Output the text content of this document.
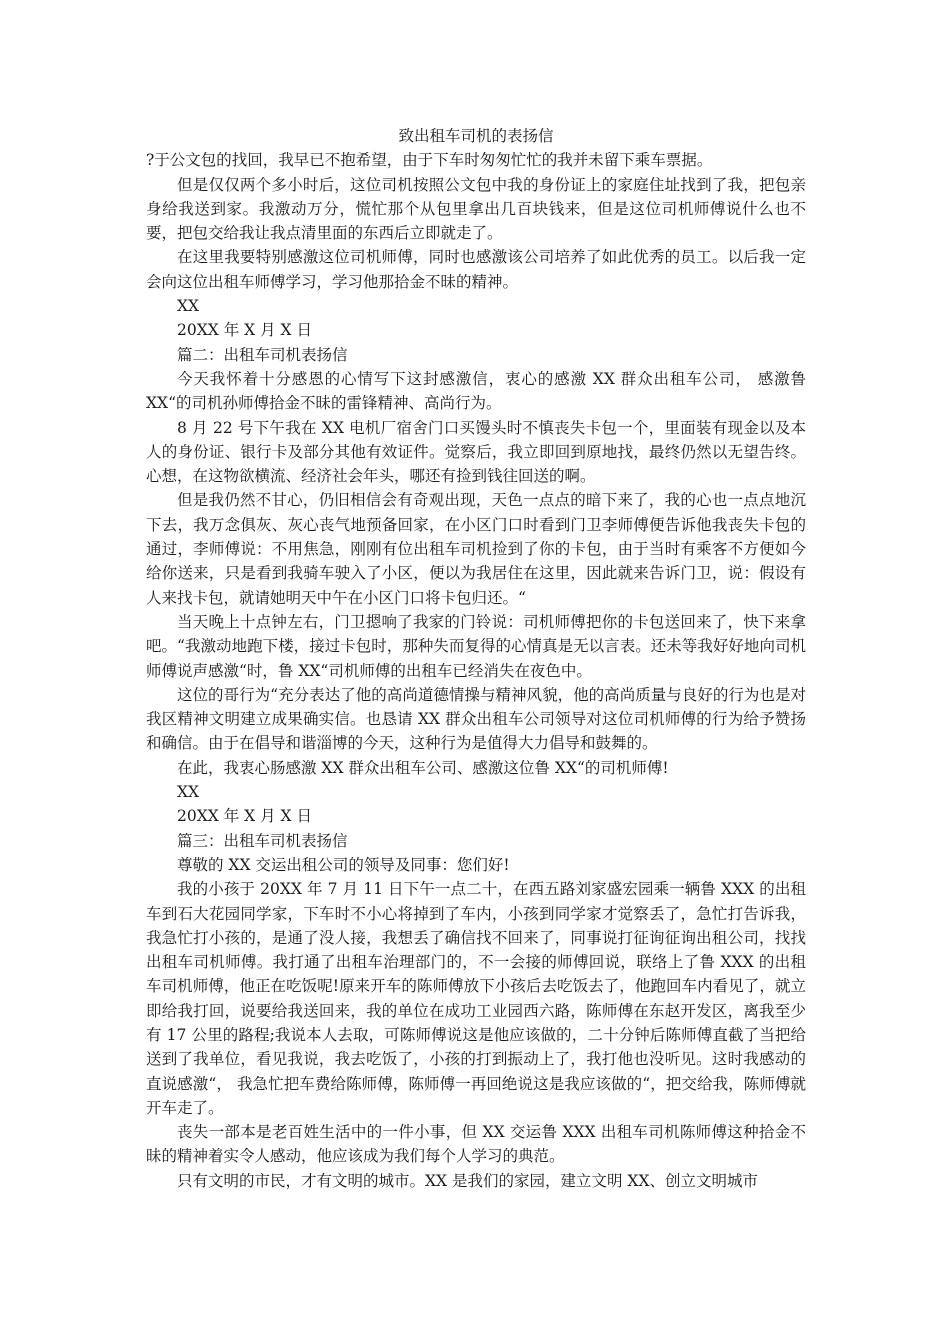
致出租车司机的表扬信

?于公文包的找回，我早已不抱希望，由于下车时匆匆忙忙的我并未留下乘车票据。

但是仅仅两个多小时后，这位司机按照公文包中我的身份证上的家庭住址找到了我，把包亲身给我送到家。我激动万分，慌忙那个从包里拿出几百块钱来，但是这位司机师傅说什么也不要，把包交给我让我点清里面的东西后立即就走了。

在这里我要特别感激这位司机师傅，同时也感激该公司培养了如此优秀的员工。以后我一定会向这位出租车师傅学习，学习他那拾金不昧的精神。

XX

20XX 年 X 月 X 日

篇二：出租车司机表扬信

今天我怀着十分感恩的心情写下这封感激信，衷心的感激 XX 群众出租车公司， 感激鲁 XX“的司机孙师傅拾金不昧的雷锋精神、高尚行为。

8 月 22 号下午我在 XX 电机厂宿舍门口买馒头时不慎丧失卡包一个，里面装有现金以及本人的身份证、银行卡及部分其他有效证件。觉察后，我立即回到原地找，最终仍然以无望告终。心想，在这物欲横流、经济社会年头，哪还有捡到钱往回送的啊。

但是我仍然不甘心，仍旧相信会有奇观出现，天色一点点的暗下来了，我的心也一点点地沉下去，我万念俱灰、灰心丧气地预备回家，在小区门口时看到门卫李师傅便告诉他我丧失卡包的通过，李师傅说：不用焦急，刚刚有位出租车司机捡到了你的卡包，由于当时有乘客不方便如今给你送来，只是看到我骑车驶入了小区，便以为我居住在这里，因此就来告诉门卫，说：假设有人来找卡包，就请她明天中午在小区门口将卡包归还。“

当天晚上十点钟左右，门卫摁响了我家的门铃说：司机师傅把你的卡包送回来了，快下来拿吧。“我激动地跑下楼，接过卡包时，那种失而复得的心情真是无以言表。还未等我好好地向司机师傅说声感激“时，鲁 XX“司机师傅的出租车已经消失在夜色中。

这位的哥行为“充分表达了他的高尚道德情操与精神风貌，他的高尚质量与良好的行为也是对我区精神文明建立成果确实信。也恳请 XX 群众出租车公司领导对这位司机师傅的行为给予赞扬和确信。由于在倡导和谐淄博的今天，这种行为是值得大力倡导和鼓舞的。

在此，我衷心肠感激 XX 群众出租车公司、感激这位鲁 XX“的司机师傅!

XX

20XX 年 X 月 X 日

篇三：出租车司机表扬信

尊敬的 XX 交运出租公司的领导及同事：您们好!

我的小孩于 20XX 年 7 月 11 日下午一点二十，在西五路刘家盛宏园乘一辆鲁 XXX 的出租车到石大花园同学家，下车时不小心将掉到了车内，小孩到同学家才觉察丢了，急忙打告诉我，我急忙打小孩的，是通了没人接，我想丢了确信找不回来了，同事说打征询征询出租公司，找找出租车司机师傅。我打通了出租车治理部门的，不一会接的师傅回说，联络上了鲁 XXX 的出租车司机师傅，他正在吃饭呢!原来开车的陈师傅放下小孩后去吃饭去了，他跑回车内看见了，就立即给我打回，说要给我送回来，我的单位在成功工业园西六路，陈师傅在东赵开发区，离我至少有 17 公里的路程;我说本人去取，可陈师傅说这是他应该做的，二十分钟后陈师傅直截了当把给送到了我单位，看见我说，我去吃饭了，小孩的打到振动上了，我打他也没听见。这时我感动的直说感激“， 我急忙把车费给陈师傅，陈师傅一再回绝说这是我应该做的“，把交给我，陈师傅就开车走了。

丧失一部本是老百姓生活中的一件小事，但 XX 交运鲁 XXX 出租车司机陈师傅这种拾金不昧的精神着实令人感动，他应该成为我们每个人学习的典范。

只有文明的市民，才有文明的城市。XX 是我们的家园，建立文明 XX、创立文明城市
